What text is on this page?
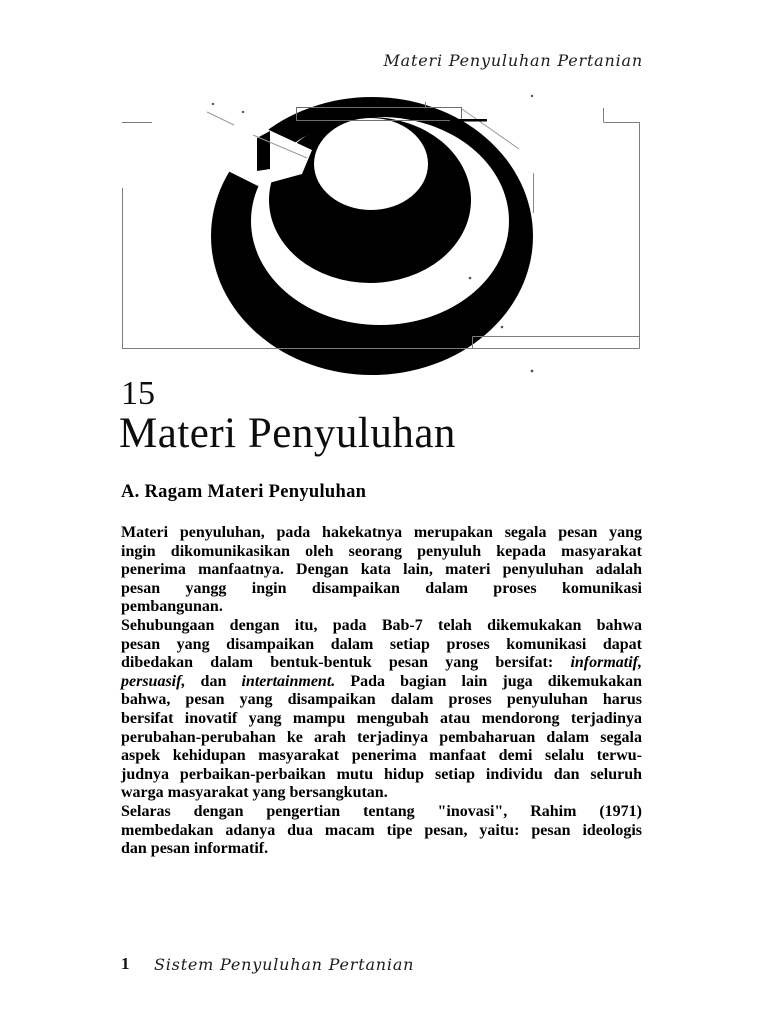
Materi Penyuluhan Pertanian
15
Materi Penyuluhan
A. Ragam Materi Penyuluhan
Materi penyuluhan, pada hakekatnya merupakan segala pesan yang
ingin dikomunikasikan oleh seorang penyuluh kepada masyarakat
penerima manfaatnya. Dengan kata lain, materi penyuluhan adalah
pesan yangg ingin disampaikan dalam proses komunikasi
pembangunan.
Sehubungaan dengan itu, pada Bab-7 telah dikemukakan bahwa
pesan yang disampaikan dalam setiap proses komunikasi dapat
dibedakan dalam bentuk-bentuk pesan yang bersifat: informatif,
persuasif, dan intertainment. Pada bagian lain juga dikemukakan
bahwa, pesan yang disampaikan dalam proses penyuluhan harus
bersifat inovatif yang mampu mengubah atau mendorong terjadinya
perubahan-perubahan ke arah terjadinya pembaharuan dalam segala
aspek kehidupan masyarakat penerima manfaat demi selalu terwu-
judnya perbaikan-perbaikan mutu hidup setiap individu dan seluruh
warga masyarakat yang bersangkutan.
Selaras dengan pengertian tentang "inovasi", Rahim (1971)
membedakan adanya dua macam tipe pesan, yaitu: pesan ideologis
dan pesan informatif.
1 Sistem Penyuluhan Pertanian
